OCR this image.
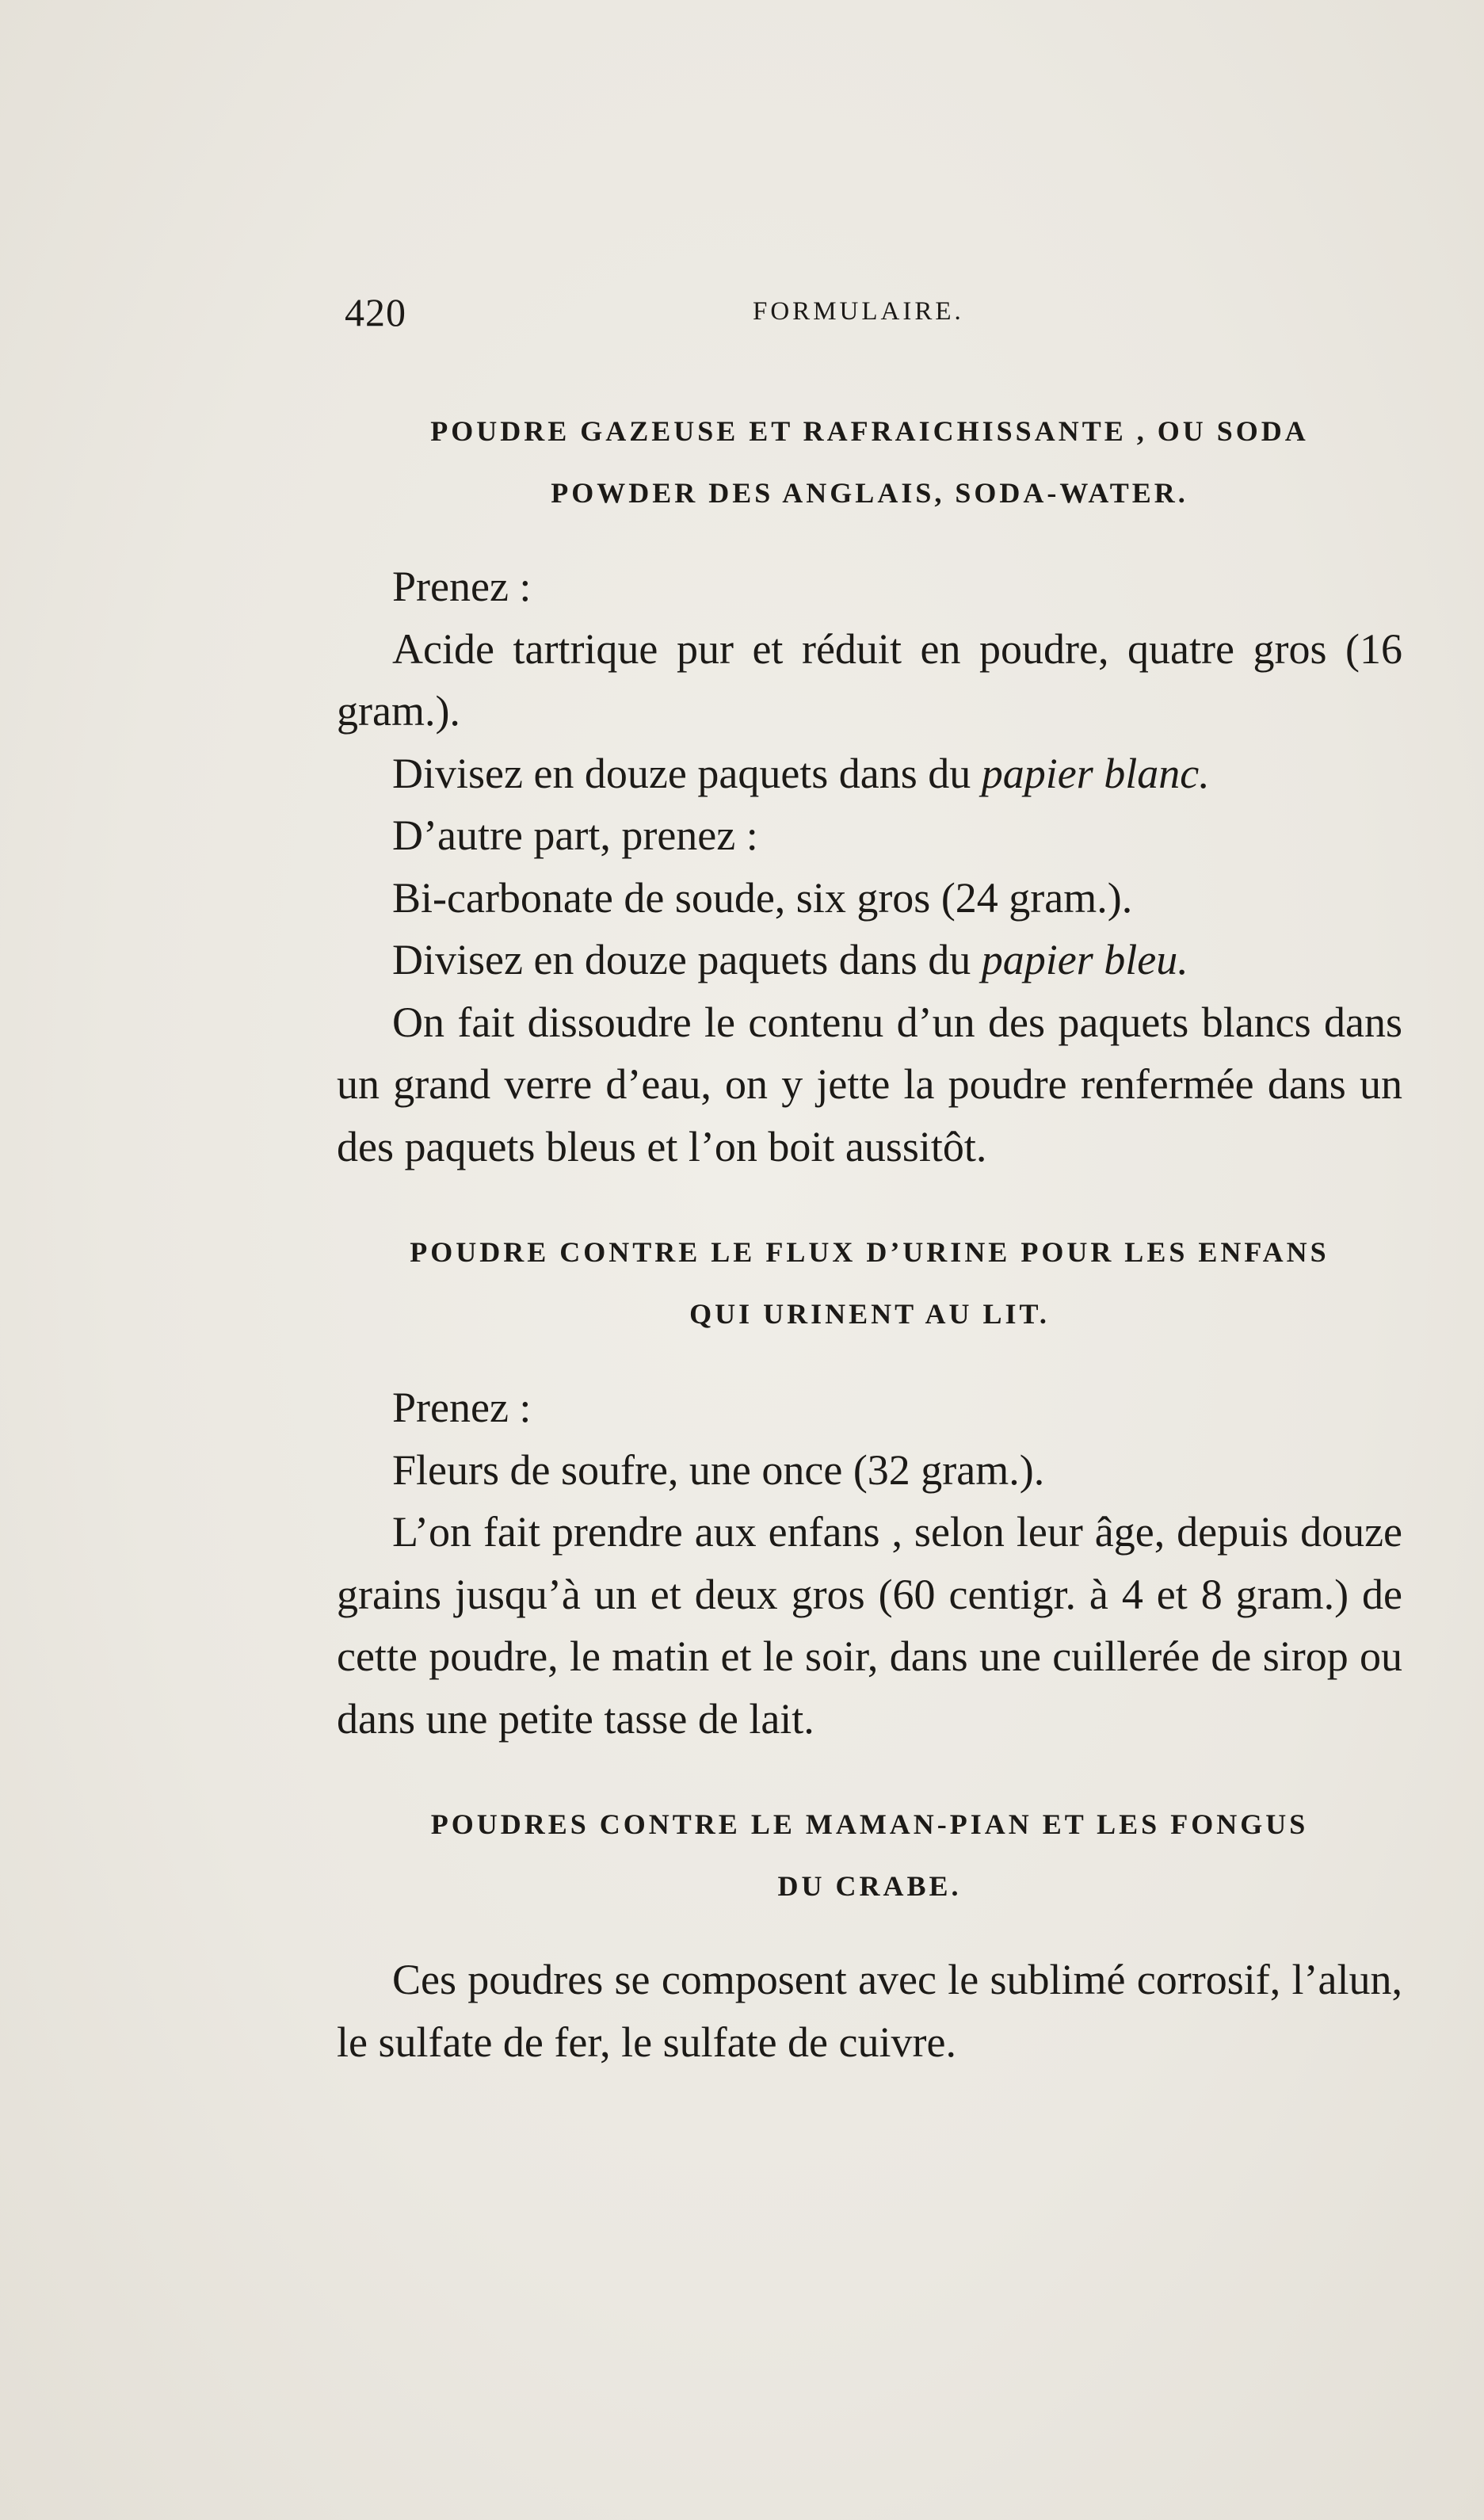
420	FORMULAIRE.
POUDRE GAZEUSE ET RAFRAICHISSANTE , OU SODA
POWDER DES ANGLAIS, SODA-WATER.

Prenez :

Acide tartrique pur et réduit en poudre, quatre gros (16 gram.).

Divisez en douze paquets dans du papier blanc.

D’autre part, prenez :

Bi-carbonate de soude, six gros (24 gram.).

Divisez en douze paquets dans du papier bleu.

On fait dissoudre le contenu d’un des paquets blancs dans un grand verre d’eau, on y jette la poudre renfermée dans un des paquets bleus et l’on boit aussitôt.

POUDRE CONTRE LE FLUX D’URINE POUR LES ENFANS
QUI URINENT AU LIT.

Prenez :

Fleurs de soufre, une once (32 gram.).

L’on fait prendre aux enfans , selon leur âge, depuis douze grains jusqu’à un et deux gros (60 centigr. à 4 et 8 gram.) de cette poudre, le matin et le soir, dans une cuillerée de sirop ou dans une petite tasse de lait.

POUDRES CONTRE LE MAMAN-PIAN ET LES FONGUS
DU CRABE.

Ces poudres se composent avec le sublimé corrosif, l’alun, le sulfate de fer, le sulfate de cuivre.
